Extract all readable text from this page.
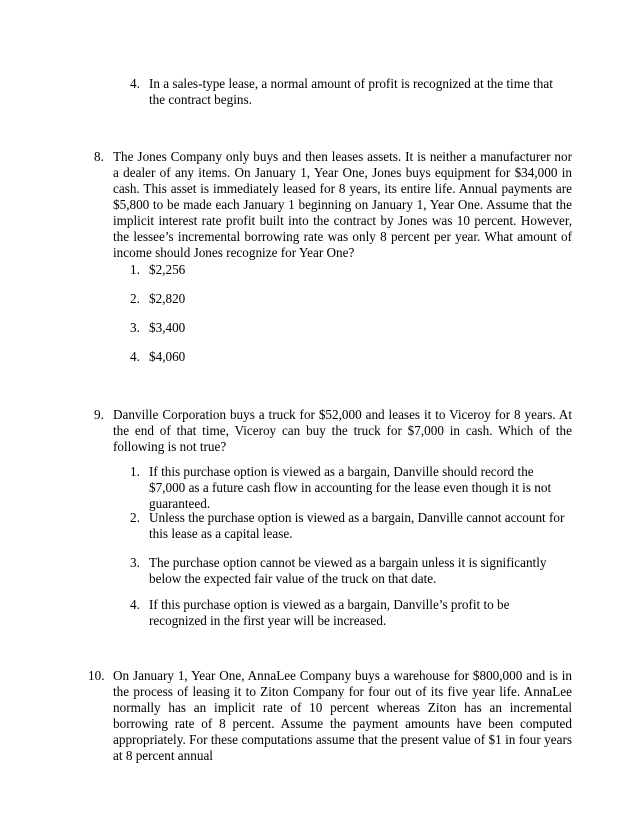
4. In a sales-type lease, a normal amount of profit is recognized at the time that the contract begins.
8. The Jones Company only buys and then leases assets. It is neither a manufacturer nor a dealer of any items. On January 1, Year One, Jones buys equipment for $34,000 in cash. This asset is immediately leased for 8 years, its entire life. Annual payments are $5,800 to be made each January 1 beginning on January 1, Year One. Assume that the implicit interest rate profit built into the contract by Jones was 10 percent. However, the lessee’s incremental borrowing rate was only 8 percent per year. What amount of income should Jones recognize for Year One?
1. $2,256
2. $2,820
3. $3,400
4. $4,060
9. Danville Corporation buys a truck for $52,000 and leases it to Viceroy for 8 years. At the end of that time, Viceroy can buy the truck for $7,000 in cash. Which of the following is not true?
1. If this purchase option is viewed as a bargain, Danville should record the $7,000 as a future cash flow in accounting for the lease even though it is not guaranteed.
2. Unless the purchase option is viewed as a bargain, Danville cannot account for this lease as a capital lease.
3. The purchase option cannot be viewed as a bargain unless it is significantly below the expected fair value of the truck on that date.
4. If this purchase option is viewed as a bargain, Danville’s profit to be recognized in the first year will be increased.
10. On January 1, Year One, AnnaLee Company buys a warehouse for $800,000 and is in the process of leasing it to Ziton Company for four out of its five year life. AnnaLee normally has an implicit rate of 10 percent whereas Ziton has an incremental borrowing rate of 8 percent. Assume the payment amounts have been computed appropriately. For these computations assume that the present value of $1 in four years at 8 percent annual
